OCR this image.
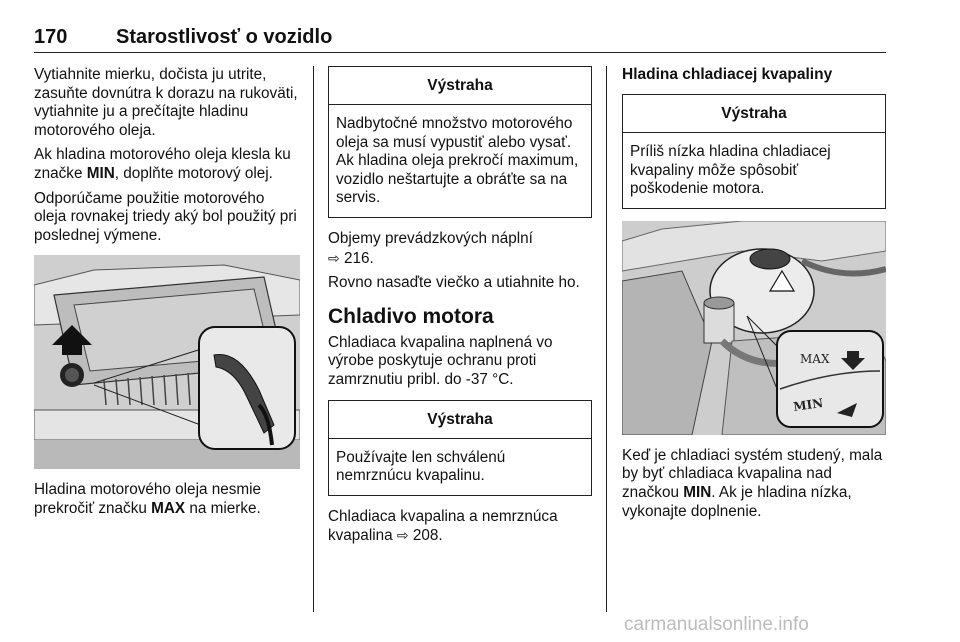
170 Starostlivosť o vozidlo

Vytiahnite mierku, dočista ju utrite, zasuňte dovnútra k dorazu na rukoväti, vytiahnite ju a prečítajte hladinu motorového oleja.

Ak hladina motorového oleja klesla ku značke MIN, doplňte motorový olej.

Odporúčame použitie motorového oleja rovnakej triedy aký bol použitý pri poslednej výmene.

Hladina motorového oleja nesmie prekročiť značku MAX na mierke.

Výstraha
Nadbytočné množstvo motorového oleja sa musí vypustiť alebo vysať. Ak hladina oleja prekročí maximum, vozidlo neštartujte a obráťte sa na servis.

Objemy prevádzkových náplní
⇨ 216.

Rovno nasaďte viečko a utiahnite ho.

Chladivo motora

Chladiaca kvapalina naplnená vo výrobe poskytuje ochranu proti zamrznutiu pribl. do -37 °C.

Výstraha
Používajte len schválenú nemrznúcu kvapalinu.

Chladiaca kvapalina a nemrznúca kvapalina ⇨ 208.

Hladina chladiacej kvapaliny
Výstraha
Príliš nízka hladina chladiacej kvapaliny môže spôsobiť poškodenie motora.
MAX
MIN

Keď je chladiaci systém studený, mala by byť chladiaca kvapalina nad značkou MIN. Ak je hladina nízka, vykonajte doplnenie.

carmanualsonline.info
